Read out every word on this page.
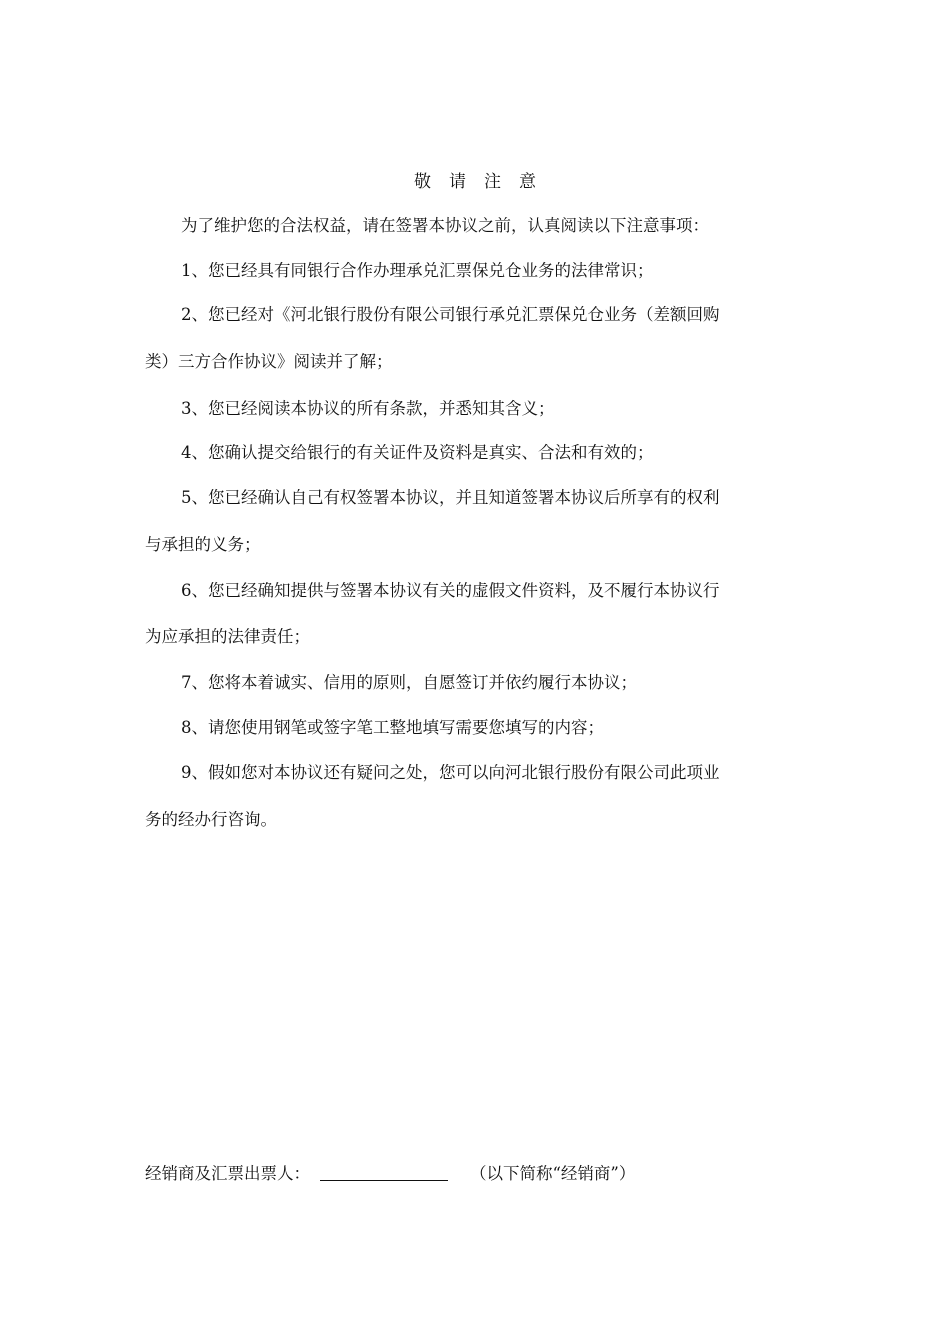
敬请注意
为了维护您的合法权益，请在签署本协议之前，认真阅读以下注意事项：
1、您已经具有同银行合作办理承兑汇票保兑仓业务的法律常识；
2、您已经对《河北银行股份有限公司银行承兑汇票保兑仓业务（差额回购
类）三方合作协议》阅读并了解；
3、您已经阅读本协议的所有条款，并悉知其含义；
4、您确认提交给银行的有关证件及资料是真实、合法和有效的；
5、您已经确认自己有权签署本协议，并且知道签署本协议后所享有的权利
与承担的义务；
6、您已经确知提供与签署本协议有关的虚假文件资料，及不履行本协议行
为应承担的法律责任；
7、您将本着诚实、信用的原则，自愿签订并依约履行本协议；
8、请您使用钢笔或签字笔工整地填写需要您填写的内容；
9、假如您对本协议还有疑问之处，您可以向河北银行股份有限公司此项业
务的经办行咨询。
经销商及汇票出票人：	（以下简称“经销商”）
